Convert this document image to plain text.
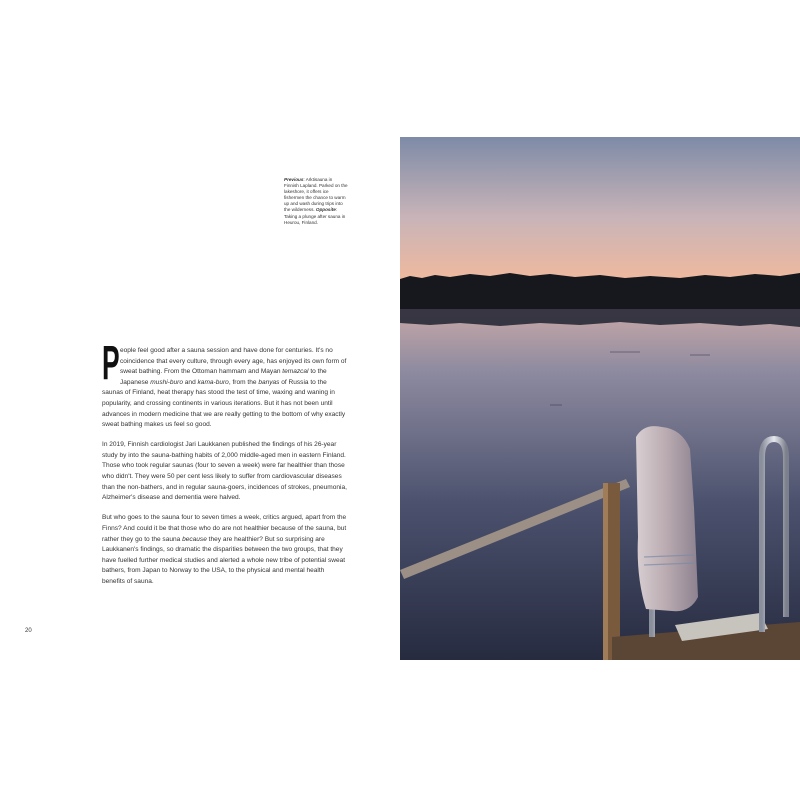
Previous: Arktisauna in Finnish Lapland. Parked on the lakeshore, it offers ice fishermen the chance to warm up and wash during trips into the wilderness. Opposite: Taking a plunge after sauna in Heurou, Finland.

People feel good after a sauna session and have done for centuries. It's no coincidence that every culture, through every age, has enjoyed its own form of sweat bathing. From the Ottoman hammam and Mayan temazcal to the Japanese mushi-buro and kama-buro, from the banyas of Russia to the saunas of Finland, heat therapy has stood the test of time, waxing and waning in popularity, and crossing continents in various iterations. But it has not been until advances in modern medicine that we are really getting to the bottom of why exactly sweat bathing makes us feel so good.

In 2019, Finnish cardiologist Jari Laukkanen published the findings of his 26-year study by into the sauna-bathing habits of 2,000 middle-aged men in eastern Finland. Those who took regular saunas (four to seven a week) were far healthier than those who didn't. They were 50 per cent less likely to suffer from cardiovascular diseases than the non-bathers, and in regular sauna-goers, incidences of strokes, pneumonia, Alzheimer's disease and dementia were halved.

But who goes to the sauna four to seven times a week, critics argued, apart from the Finns? And could it be that those who do are not healthier because of the sauna, but rather they go to the sauna because they are healthier? But so surprising are Laukkanen's findings, so dramatic the disparities between the two groups, that they have fuelled further medical studies and alerted a whole new tribe of potential sweat bathers, from Japan to Norway to the USA, to the physical and mental health benefits of sauna.

20
